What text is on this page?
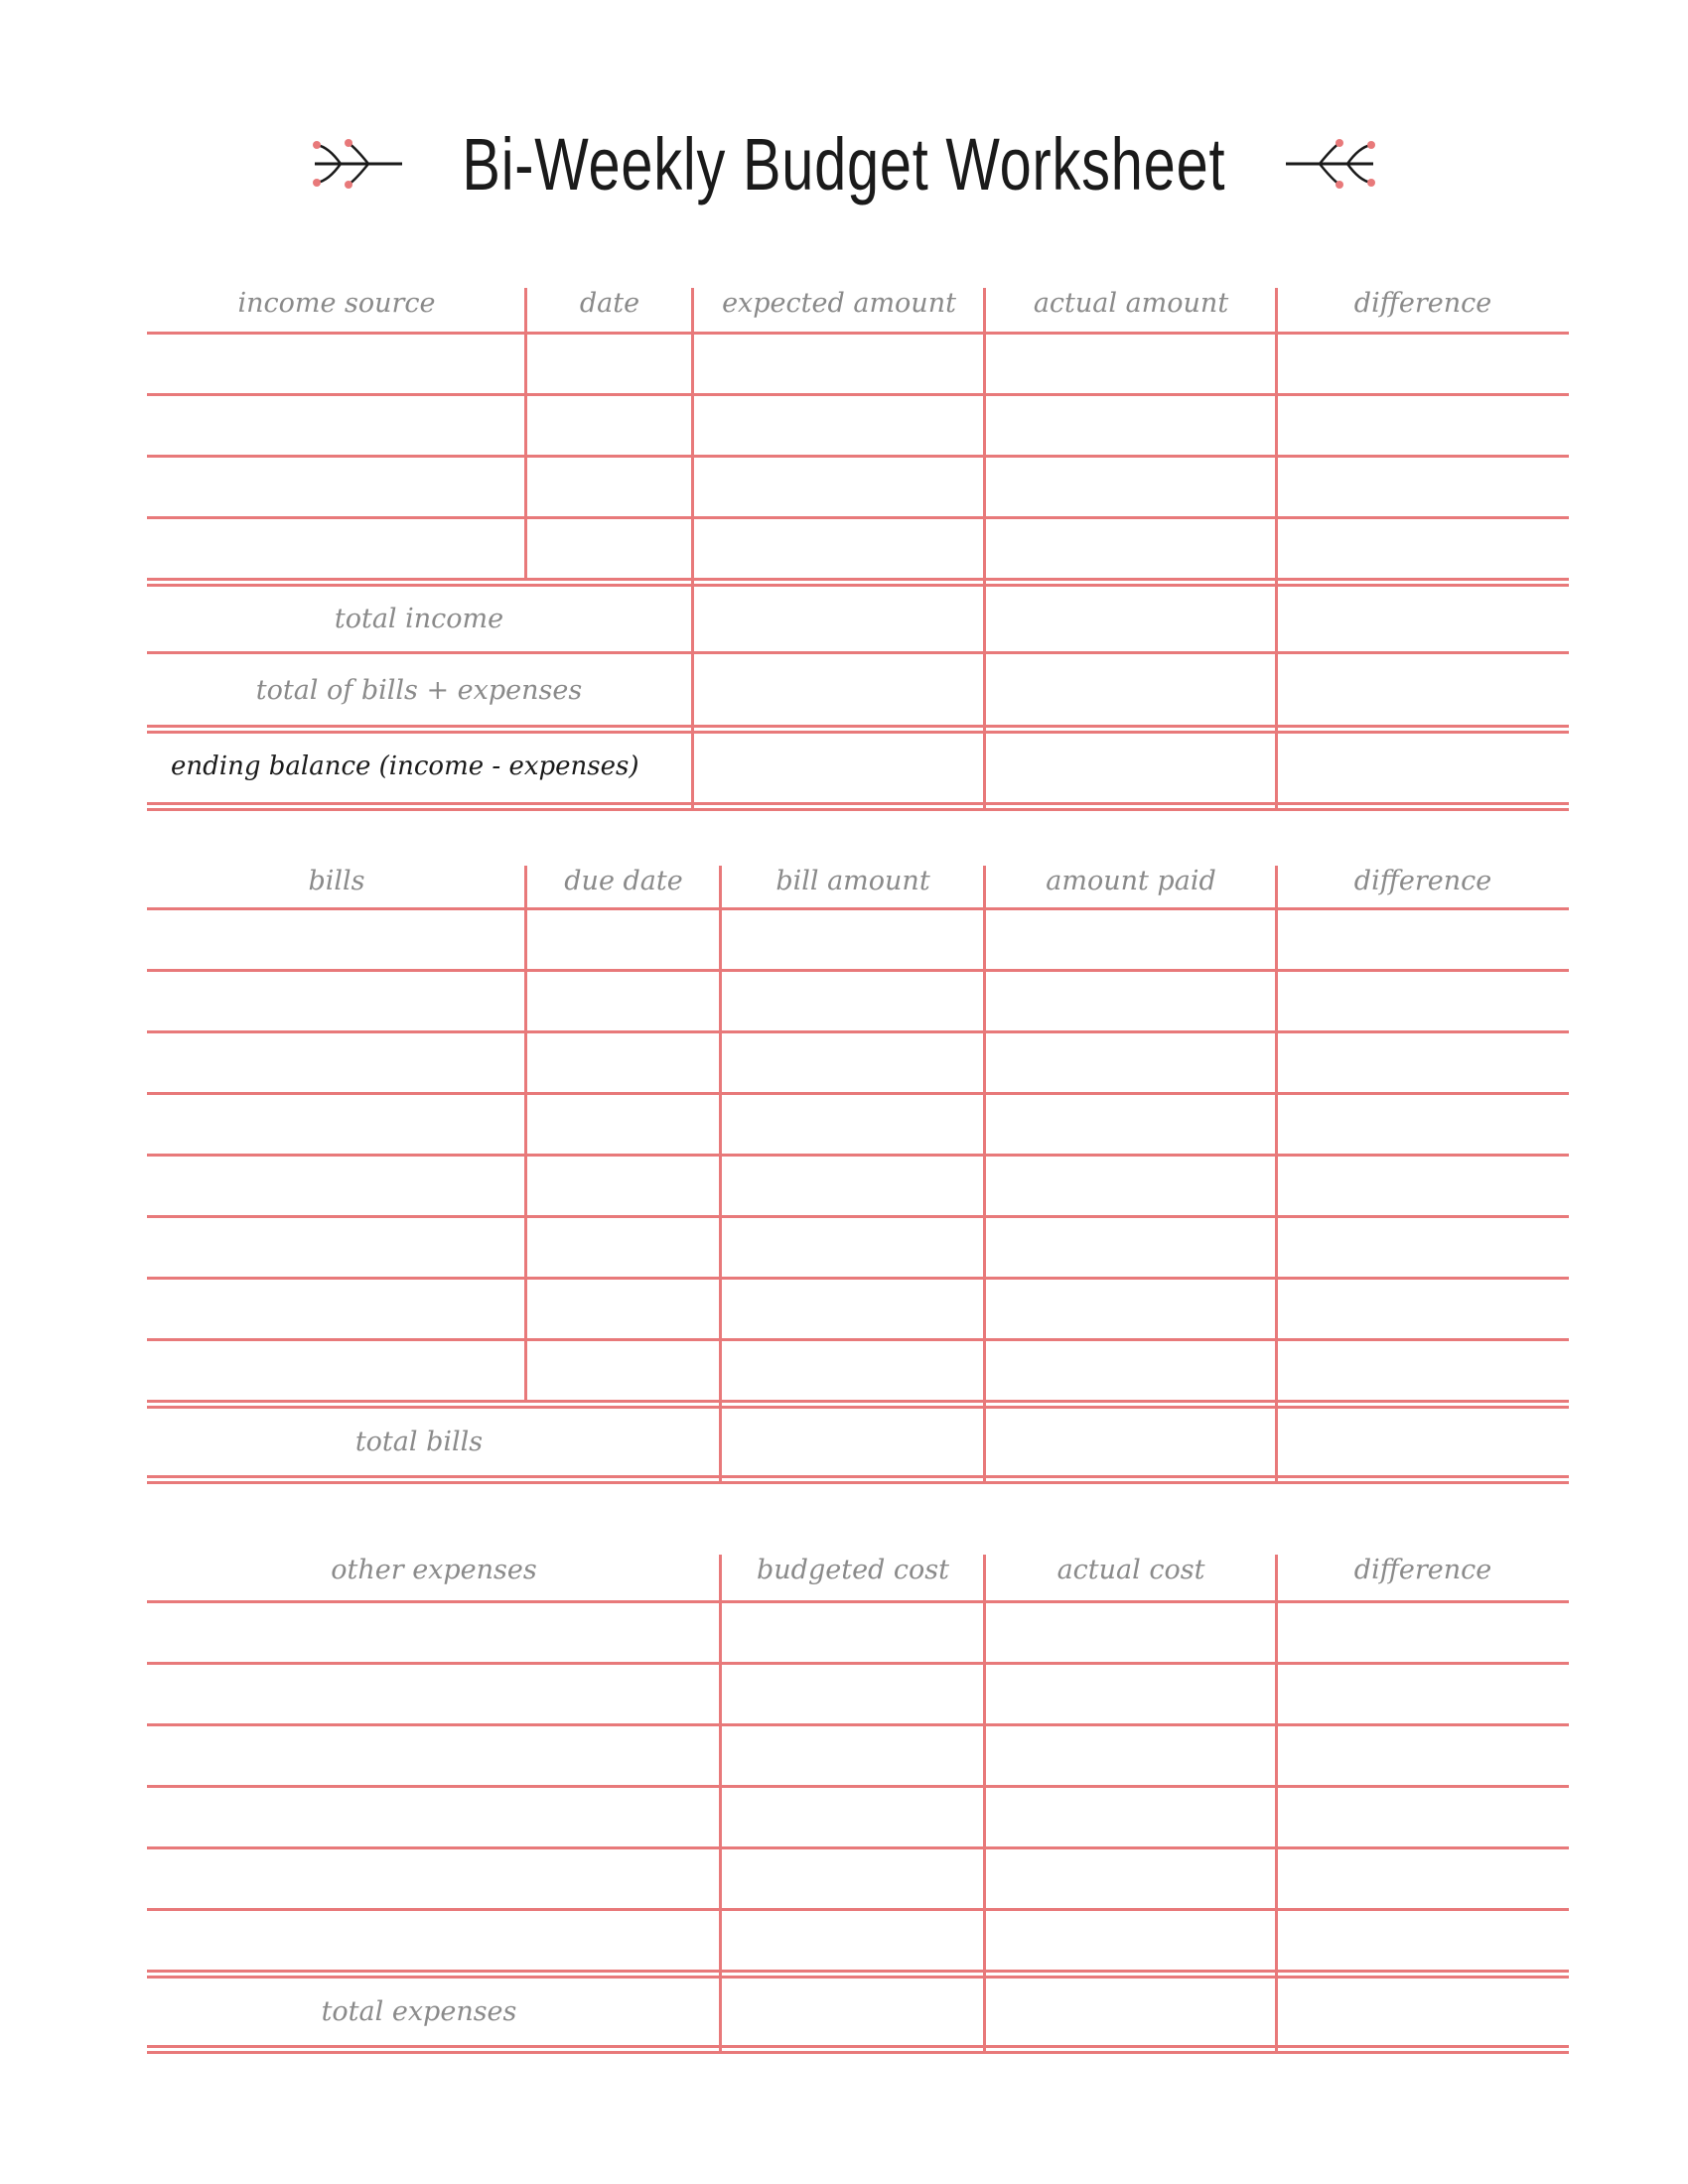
Bi-Weekly Budget Worksheet
income source	date	expected amount	actual amount	difference
total income
total of bills + expenses
ending balance (income - expenses)
bills	due date	bill amount	amount paid	difference
total bills
other expenses	budgeted cost	actual cost	difference
total expenses
